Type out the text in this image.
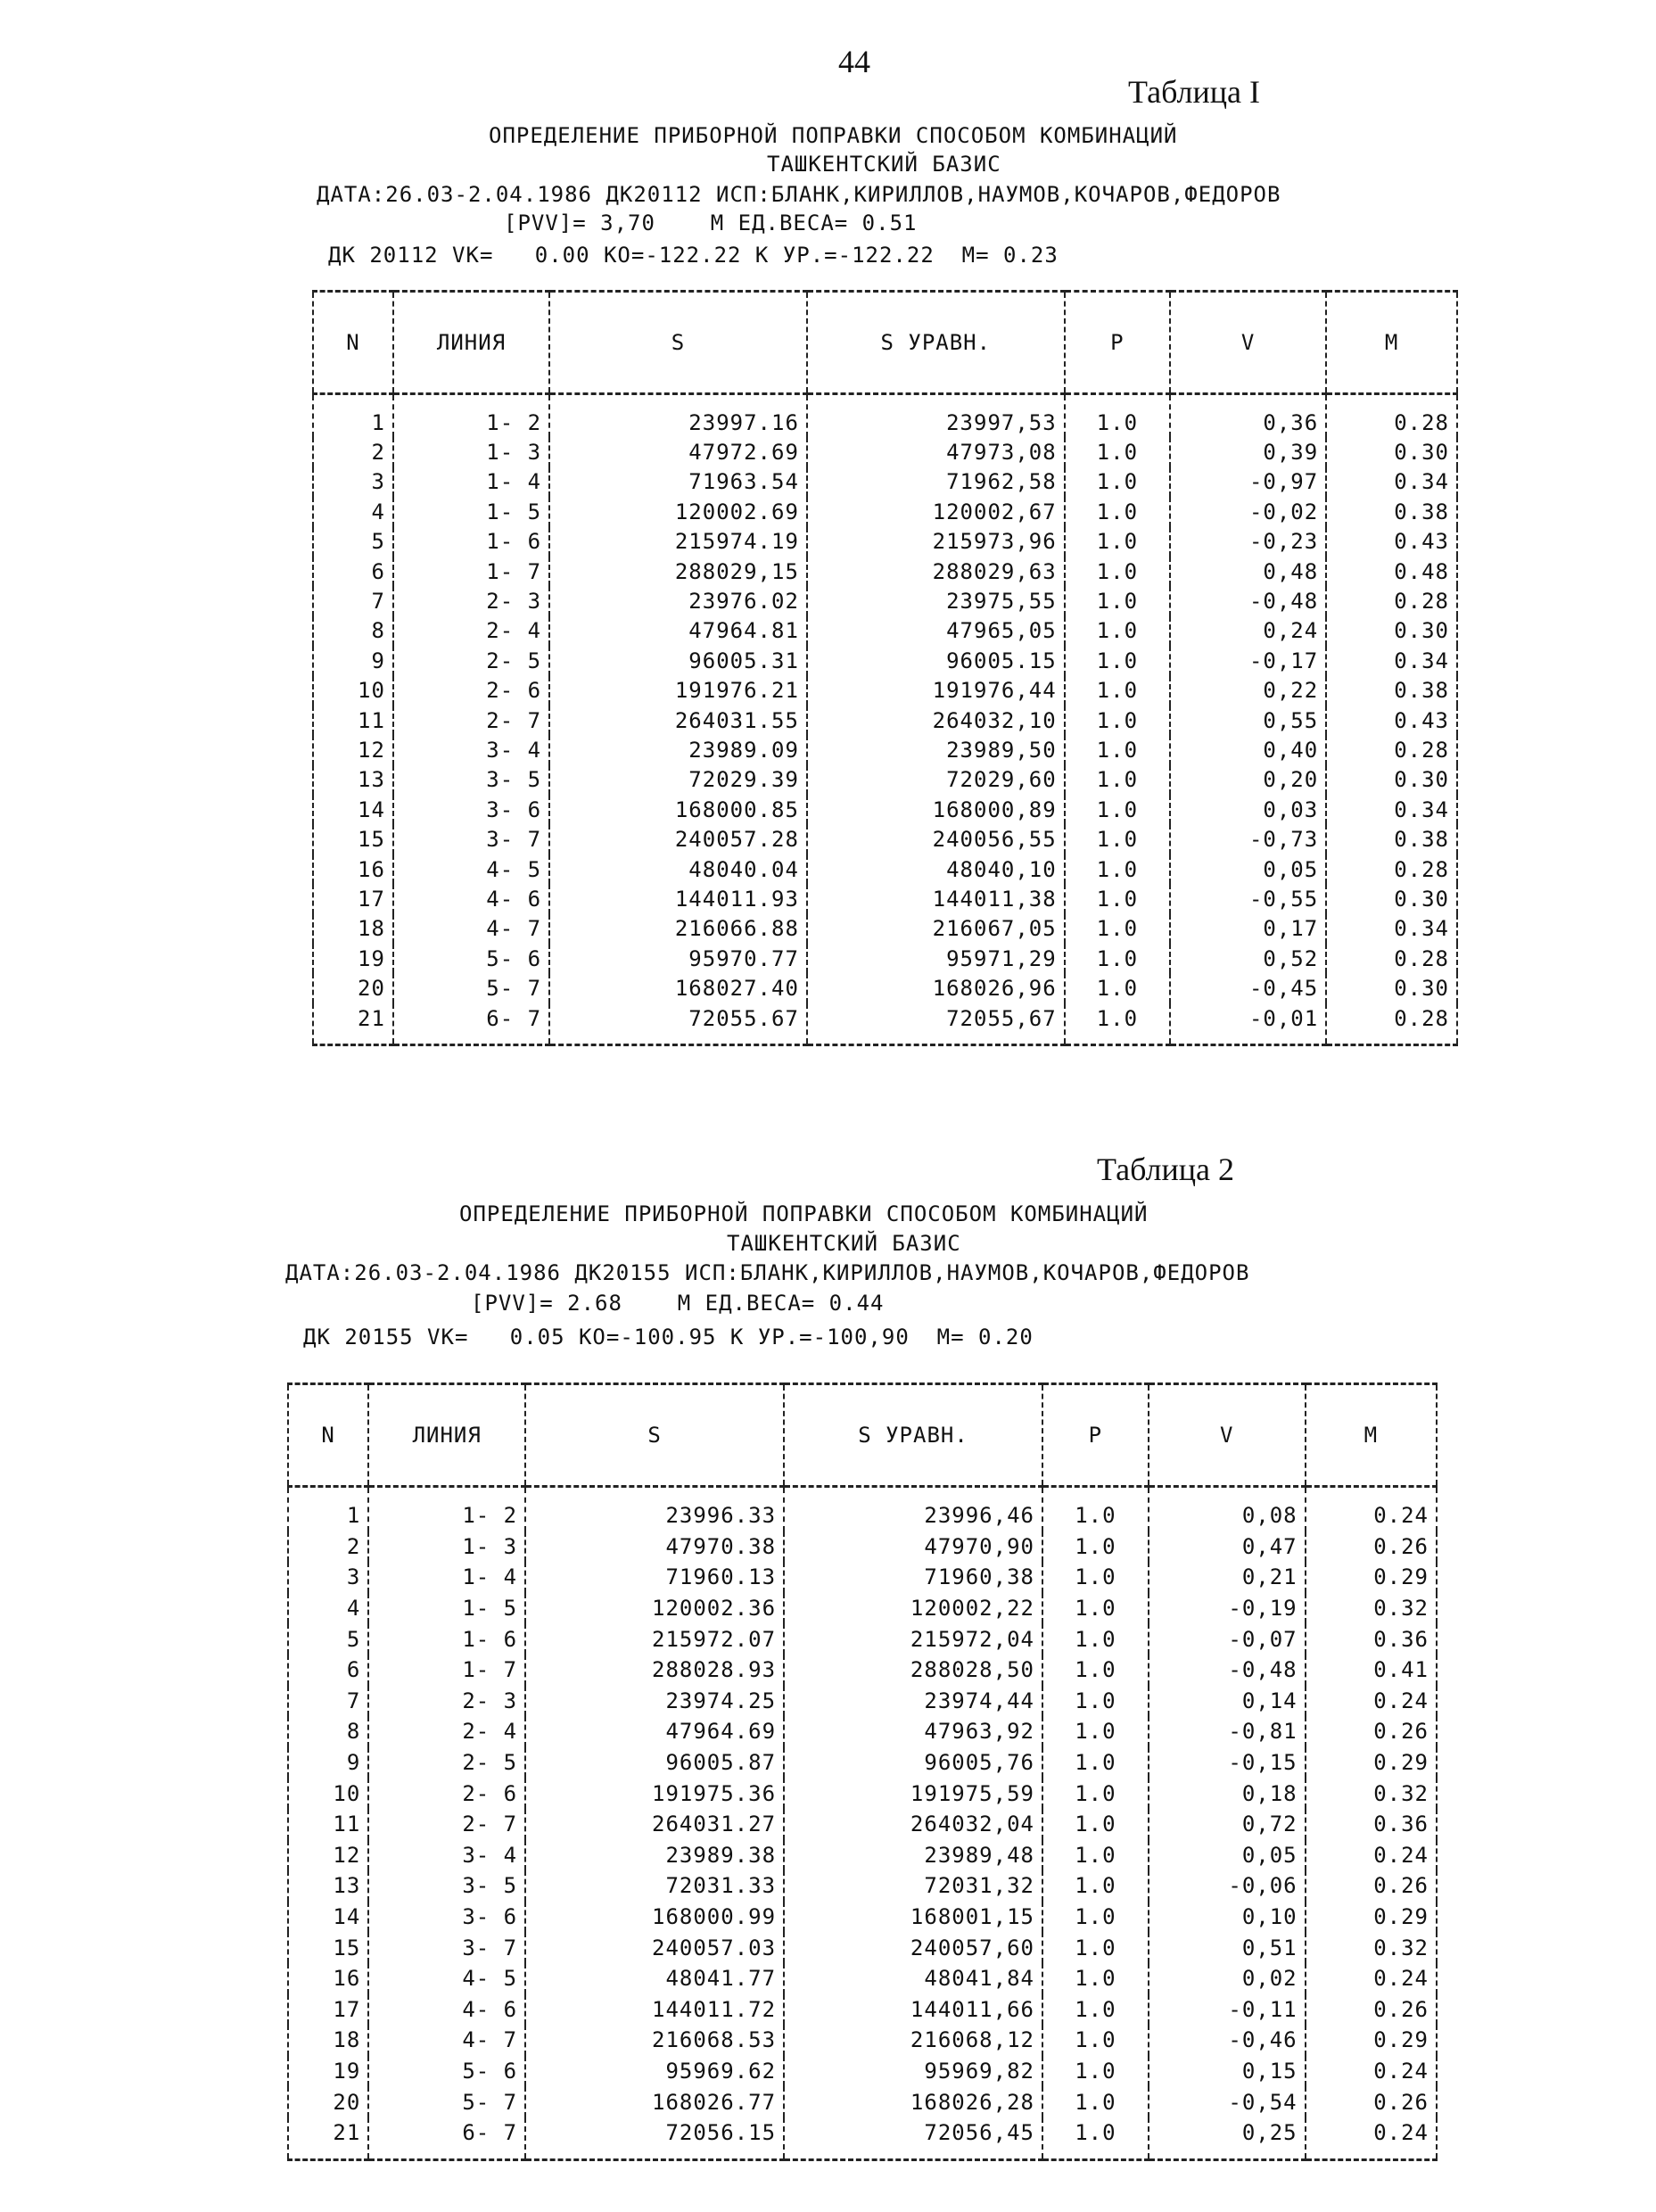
44
Таблица I
ОПРЕДЕЛЕНИЕ ПРИБОРНОЙ ПОПРАВКИ СПОСОБОМ КОМБИНАЦИЙ
ТАШКЕНТСКИЙ БАЗИС
ДАТА:26.03-2.04.1986 ДК20112 ИСП:БЛАНК,КИРИЛЛОВ,НАУМОВ,КОЧАРОВ,ФЕДОРОВ
[PVV]= 3,70    М ЕД.ВЕСА= 0.51
ДК 20112 VK=   0.00 КО=-122.22 К УР.=-122.22  М= 0.23
N	ЛИНИЯ	S	S УРАВН.	P	V	M
1	1- 2	23997.16	23997,53	1.0	0,36	0.28
2	1- 3	47972.69	47973,08	1.0	0,39	0.30
3	1- 4	71963.54	71962,58	1.0	-0,97	0.34
4	1- 5	120002.69	120002,67	1.0	-0,02	0.38
5	1- 6	215974.19	215973,96	1.0	-0,23	0.43
6	1- 7	288029,15	288029,63	1.0	0,48	0.48
7	2- 3	23976.02	23975,55	1.0	-0,48	0.28
8	2- 4	47964.81	47965,05	1.0	0,24	0.30
9	2- 5	96005.31	96005.15	1.0	-0,17	0.34
10	2- 6	191976.21	191976,44	1.0	0,22	0.38
11	2- 7	264031.55	264032,10	1.0	0,55	0.43
12	3- 4	23989.09	23989,50	1.0	0,40	0.28
13	3- 5	72029.39	72029,60	1.0	0,20	0.30
14	3- 6	168000.85	168000,89	1.0	0,03	0.34
15	3- 7	240057.28	240056,55	1.0	-0,73	0.38
16	4- 5	48040.04	48040,10	1.0	0,05	0.28
17	4- 6	144011.93	144011,38	1.0	-0,55	0.30
18	4- 7	216066.88	216067,05	1.0	0,17	0.34
19	5- 6	95970.77	95971,29	1.0	0,52	0.28
20	5- 7	168027.40	168026,96	1.0	-0,45	0.30
21	6- 7	72055.67	72055,67	1.0	-0,01	0.28
Таблица 2
ОПРЕДЕЛЕНИЕ ПРИБОРНОЙ ПОПРАВКИ СПОСОБОМ КОМБИНАЦИЙ
ТАШКЕНТСКИЙ БАЗИС
ДАТА:26.03-2.04.1986 ДК20155 ИСП:БЛАНК,КИРИЛЛОВ,НАУМОВ,КОЧАРОВ,ФЕДОРОВ
[PVV]= 2.68    М ЕД.ВЕСА= 0.44
ДК 20155 VK=   0.05 КО=-100.95 К УР.=-100,90  М= 0.20
N	ЛИНИЯ	S	S УРАВН.	P	V	M
1	1- 2	23996.33	23996,46	1.0	0,08	0.24
2	1- 3	47970.38	47970,90	1.0	0,47	0.26
3	1- 4	71960.13	71960,38	1.0	0,21	0.29
4	1- 5	120002.36	120002,22	1.0	-0,19	0.32
5	1- 6	215972.07	215972,04	1.0	-0,07	0.36
6	1- 7	288028.93	288028,50	1.0	-0,48	0.41
7	2- 3	23974.25	23974,44	1.0	0,14	0.24
8	2- 4	47964.69	47963,92	1.0	-0,81	0.26
9	2- 5	96005.87	96005,76	1.0	-0,15	0.29
10	2- 6	191975.36	191975,59	1.0	0,18	0.32
11	2- 7	264031.27	264032,04	1.0	0,72	0.36
12	3- 4	23989.38	23989,48	1.0	0,05	0.24
13	3- 5	72031.33	72031,32	1.0	-0,06	0.26
14	3- 6	168000.99	168001,15	1.0	0,10	0.29
15	3- 7	240057.03	240057,60	1.0	0,51	0.32
16	4- 5	48041.77	48041,84	1.0	0,02	0.24
17	4- 6	144011.72	144011,66	1.0	-0,11	0.26
18	4- 7	216068.53	216068,12	1.0	-0,46	0.29
19	5- 6	95969.62	95969,82	1.0	0,15	0.24
20	5- 7	168026.77	168026,28	1.0	-0,54	0.26
21	6- 7	72056.15	72056,45	1.0	0,25	0.24
